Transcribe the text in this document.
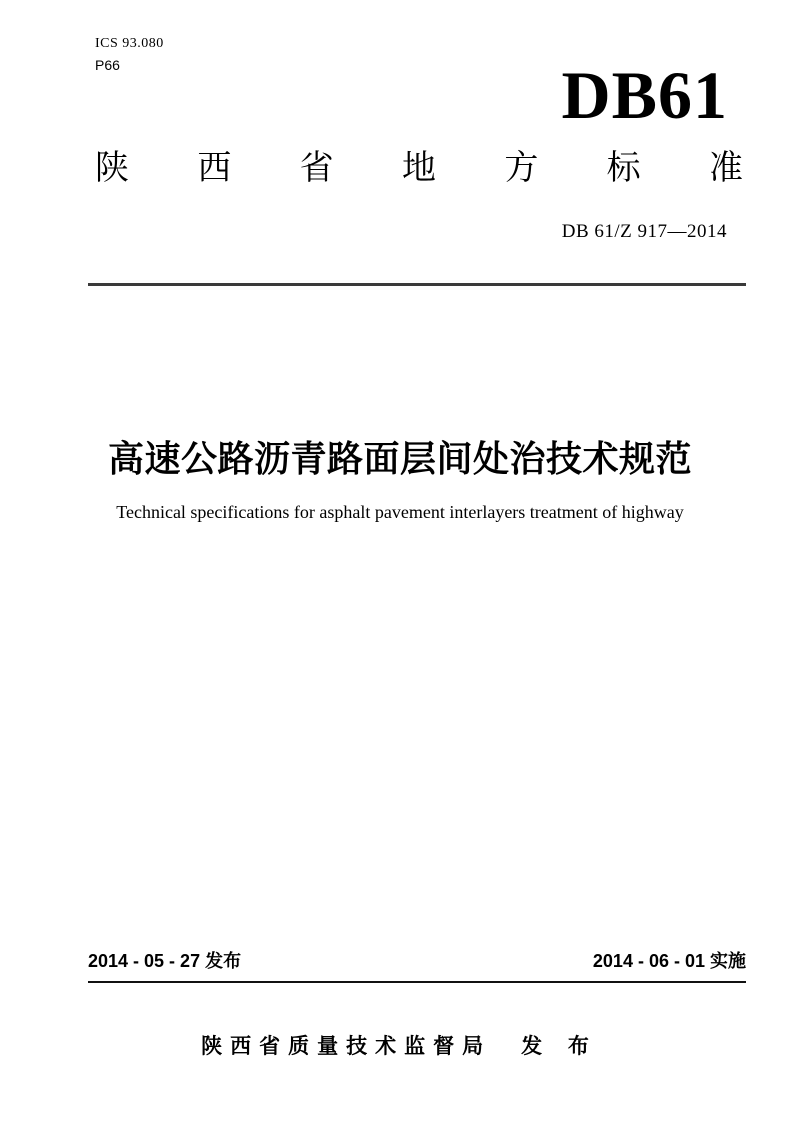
ICS 93.080
P66	DB61
陕 西 省 地 方 标 准
DB 61/Z 917—2014
高速公路沥青路面层间处治技术规范
Technical specifications for asphalt pavement interlayers treatment of highway
2014 - 05 - 27 发布	2014 - 06 - 01 实施
陕西省质量技术监督局 发 布
